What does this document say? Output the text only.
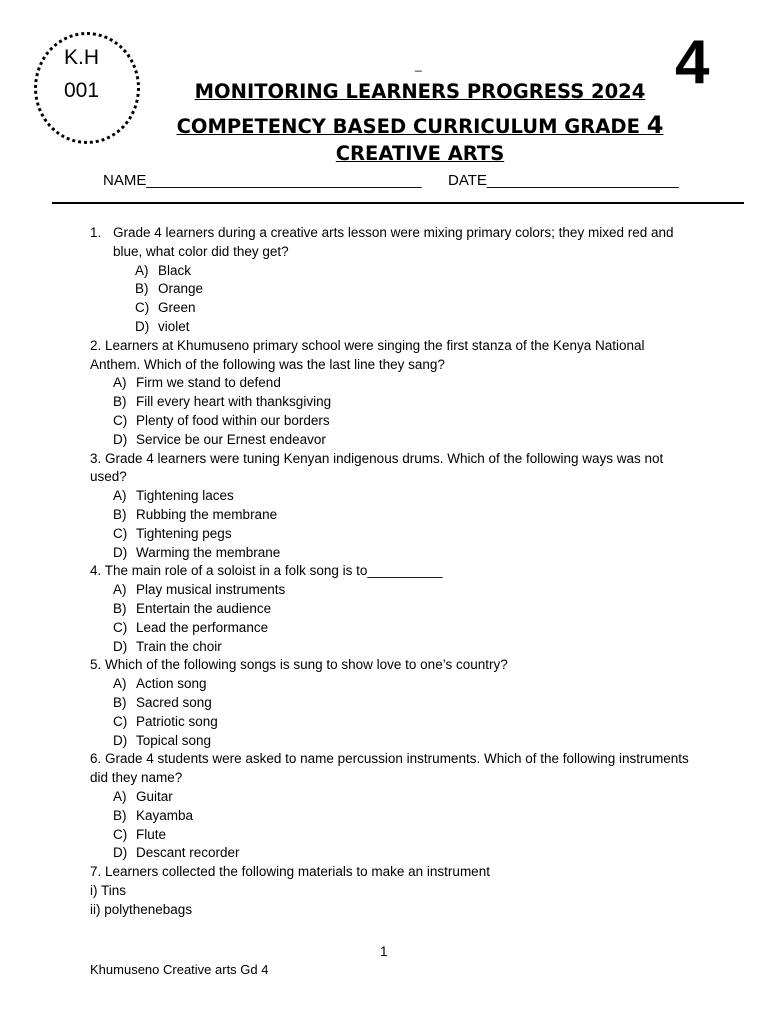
K.H
001
_	4
MONITORING LEARNERS PROGRESS 2024
COMPETENCY BASED CURRICULUM GRADE 4
CREATIVE ARTS
NAME_________________________________ DATE_______________________
1. Grade 4 learners during a creative arts lesson were mixing primary colors; they mixed red and blue, what color did they get?
A) Black
B) Orange
C) Green
D) violet

2. Learners at Khumuseno primary school were singing the first stanza of the Kenya National Anthem. Which of the following was the last line they sang?

A) Firm we stand to defend
B) Fill every heart with thanksgiving
C) Plenty of food within our borders
D) Service be our Ernest endeavor

3. Grade 4 learners were tuning Kenyan indigenous drums. Which of the following ways was not used?

A) Tightening laces
B) Rubbing the membrane
C) Tightening pegs
D) Warming the membrane

4. The main role of a soloist in a folk song is to__________

A) Play musical instruments
B) Entertain the audience
C) Lead the performance
D) Train the choir

5. Which of the following songs is sung to show love to one’s country?

A) Action song
B) Sacred song
C) Patriotic song
D) Topical song

6. Grade 4 students were asked to name percussion instruments. Which of the following instruments did they name?

A) Guitar
B) Kayamba
C) Flute
D) Descant recorder

7. Learners collected the following materials to make an instrument

i) Tins

ii) polythenebags

1
Khumuseno Creative arts Gd 4
